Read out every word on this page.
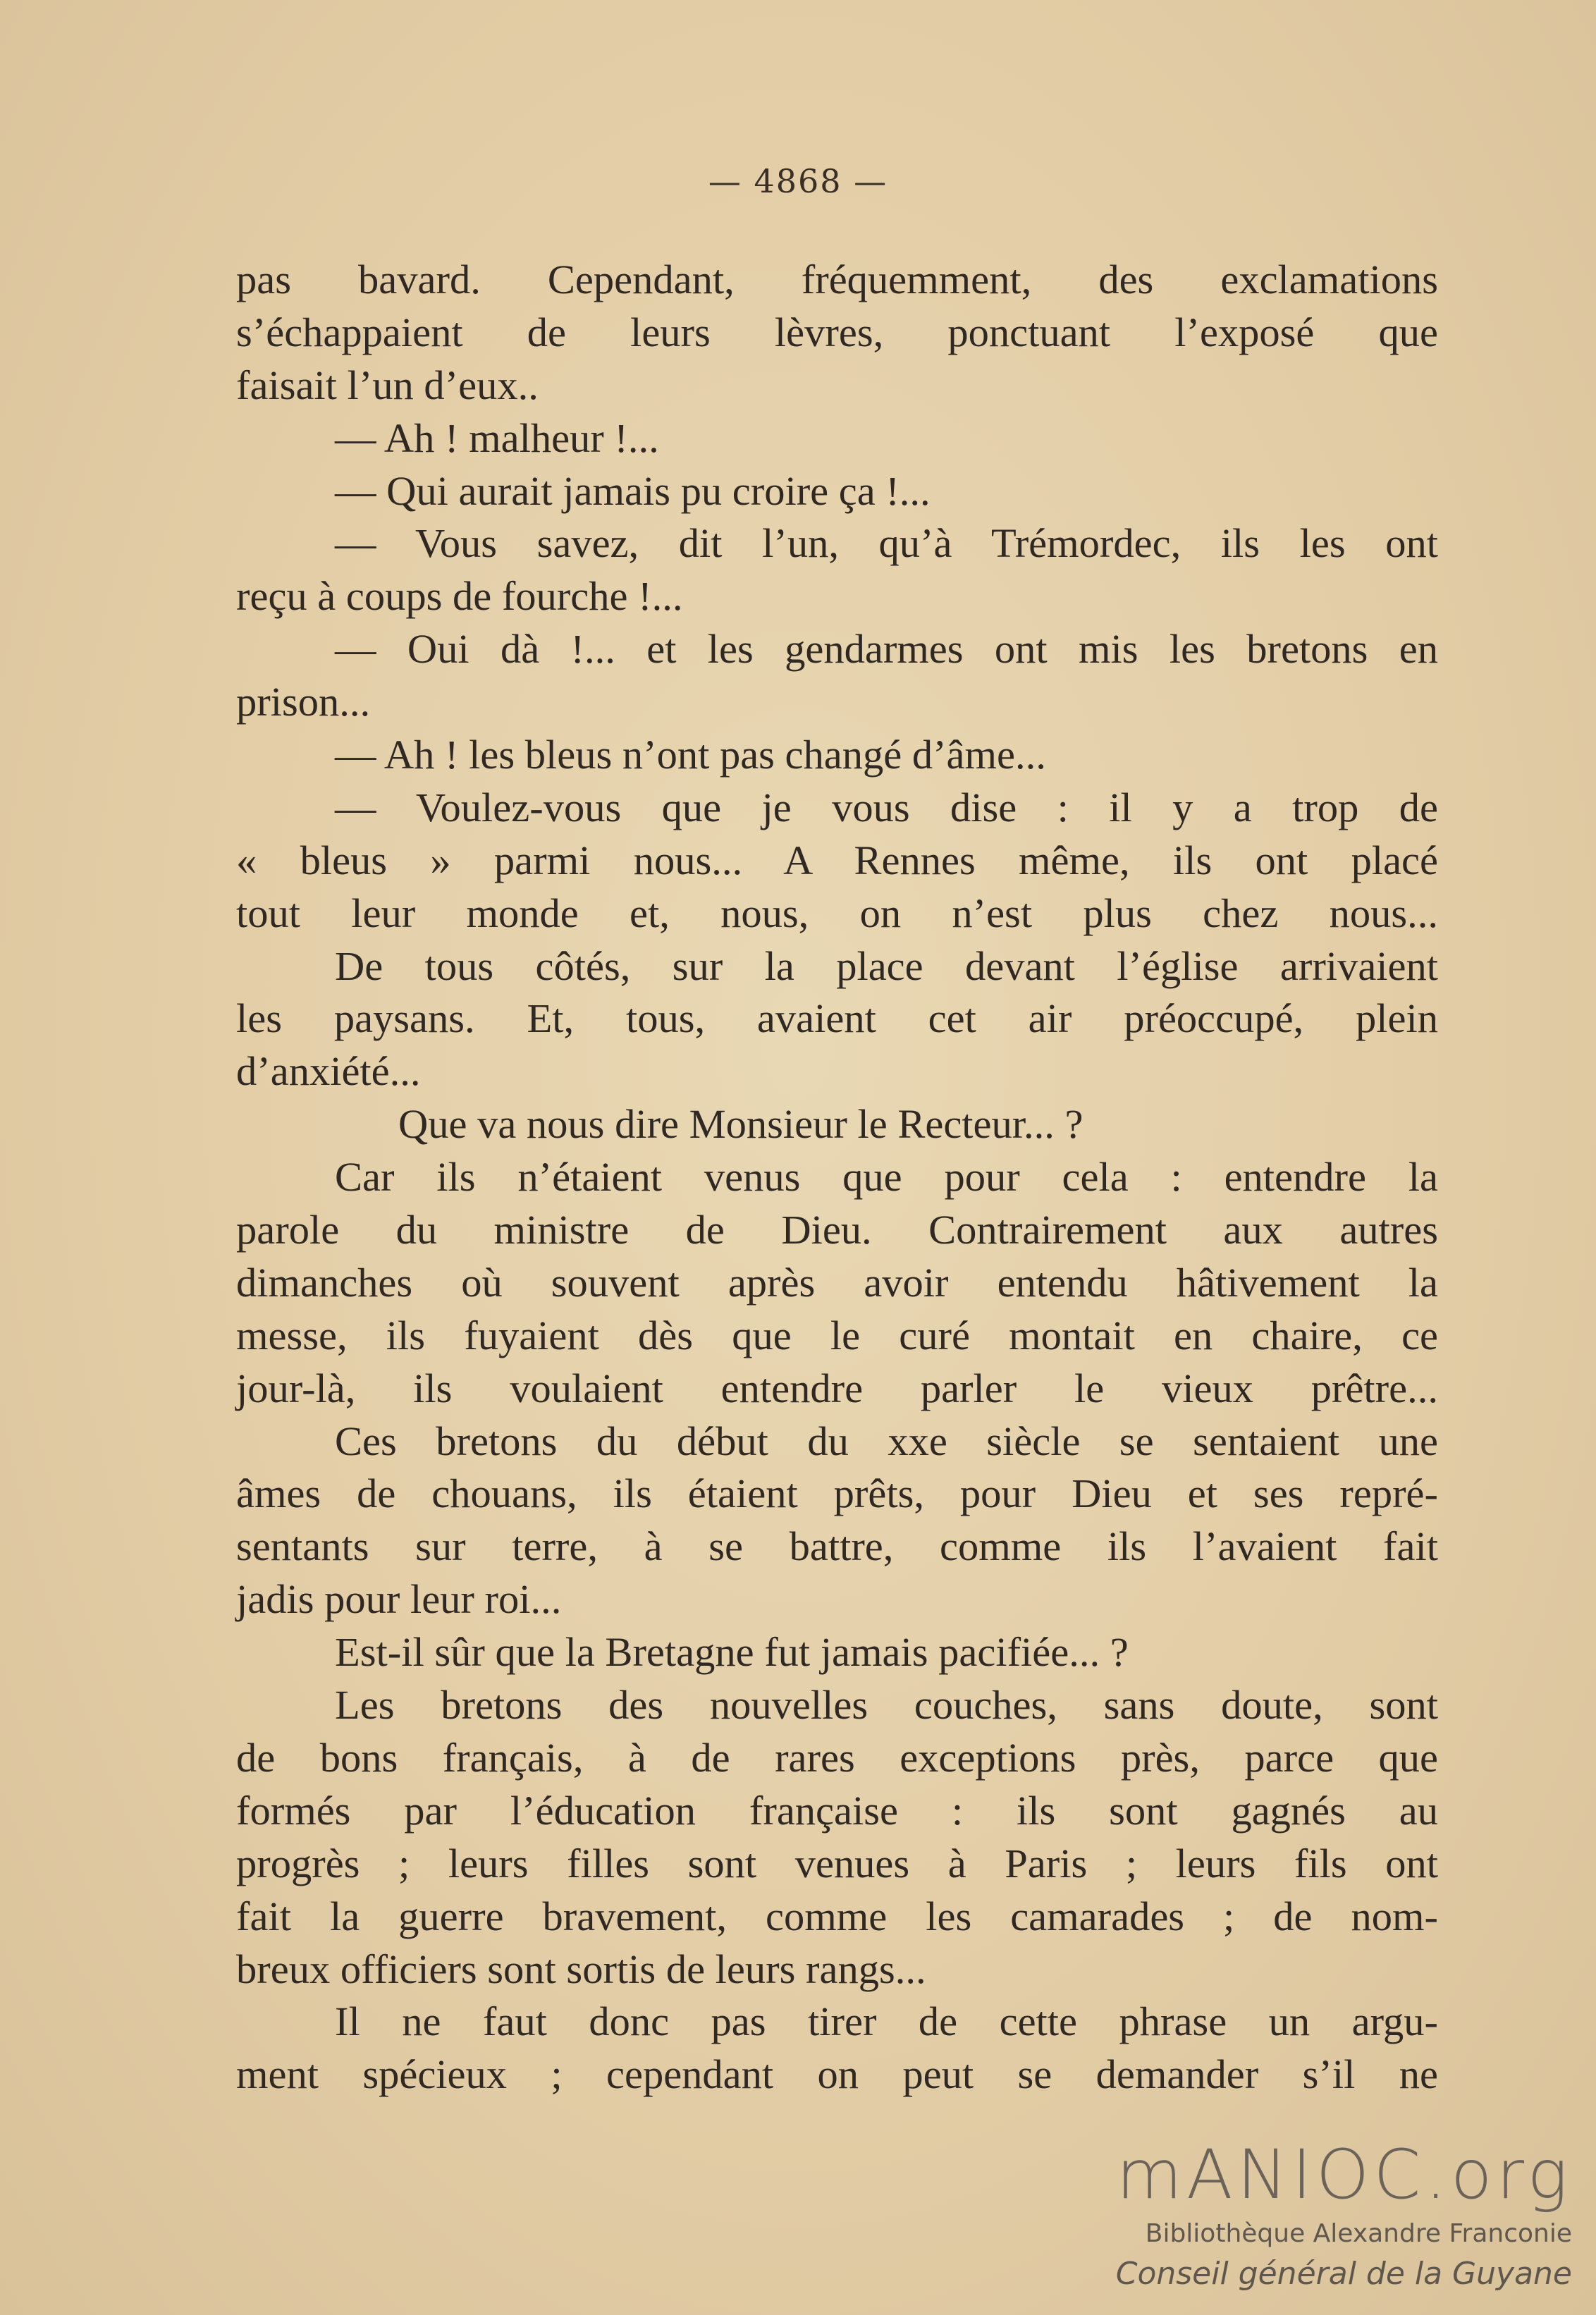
— 4868 —
pas bavard. Cependant, fréquemment, des exclamations
s’échappaient de leurs lèvres, ponctuant l’exposé que
faisait l’un d’eux..
— Ah ! malheur !...
— Qui aurait jamais pu croire ça !...
— Vous savez, dit l’un, qu’à Trémordec, ils les ont
reçu à coups de fourche !...
— Oui dà !... et les gendarmes ont mis les bretons en
prison...
— Ah ! les bleus n’ont pas changé d’âme...
— Voulez-vous que je vous dise : il y a trop de
« bleus » parmi nous... A Rennes même, ils ont placé
tout leur monde et, nous, on n’est plus chez nous...
De tous côtés, sur la place devant l’église arrivaient
les paysans. Et, tous, avaient cet air préoccupé, plein
d’anxiété...
Que va nous dire Monsieur le Recteur... ?
Car ils n’étaient venus que pour cela : entendre la
parole du ministre de Dieu. Contrairement aux autres
dimanches où souvent après avoir entendu hâtivement la
messe, ils fuyaient dès que le curé montait en chaire, ce
jour-là, ils voulaient entendre parler le vieux prêtre...
Ces bretons du début du xxe siècle se sentaient une
âmes de chouans, ils étaient prêts, pour Dieu et ses repré-
sentants sur terre, à se battre, comme ils l’avaient fait
jadis pour leur roi...
Est-il sûr que la Bretagne fut jamais pacifiée... ?
Les bretons des nouvelles couches, sans doute, sont
de bons français, à de rares exceptions près, parce que
formés par l’éducation française : ils sont gagnés au
progrès ; leurs filles sont venues à Paris ; leurs fils ont
fait la guerre bravement, comme les camarades ; de nom-
breux officiers sont sortis de leurs rangs...
Il ne faut donc pas tirer de cette phrase un argu-
ment spécieux ; cependant on peut se demander s’il ne
mANIOC.org
Bibliothèque Alexandre Franconie
Conseil général de la Guyane
